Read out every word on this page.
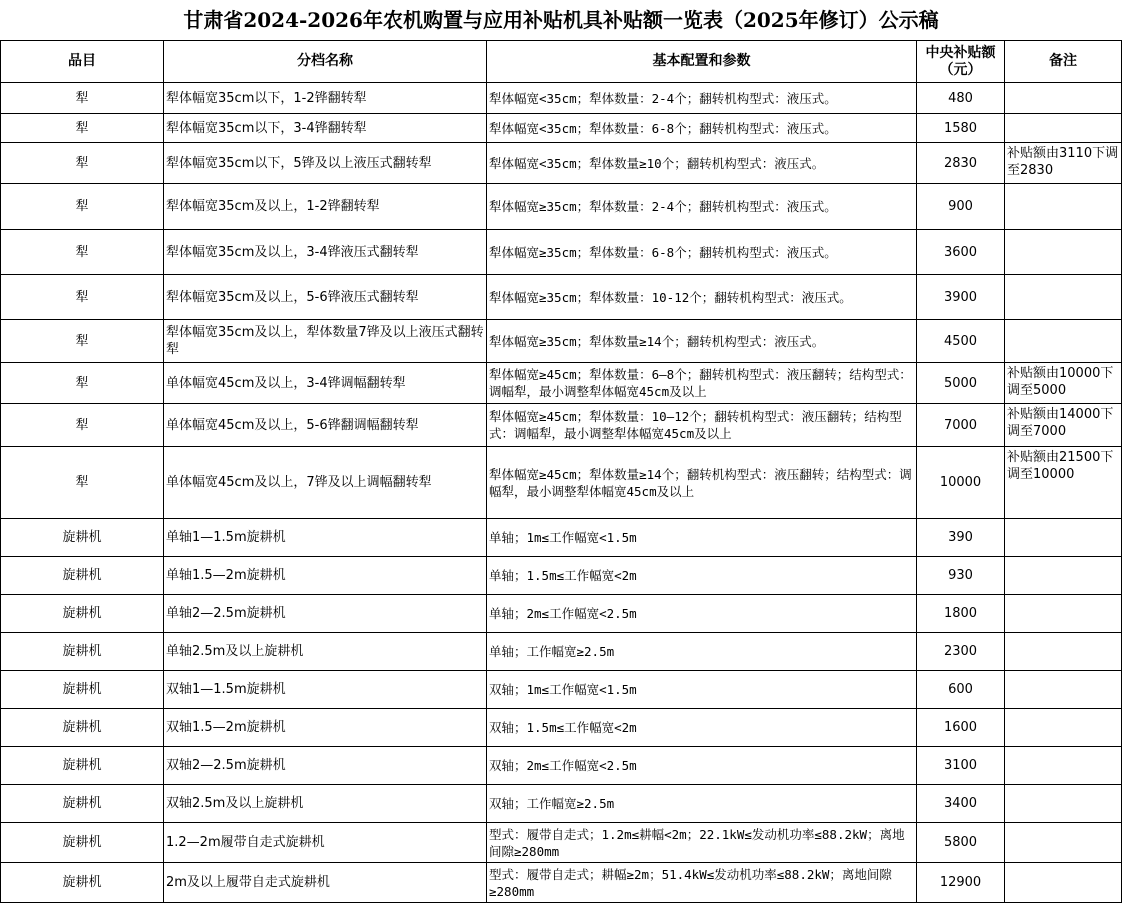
甘肃省2024-2026年农机购置与应用补贴机具补贴额一览表（2025年修订）公示稿
品目	分档名称	基本配置和参数	中央补贴额（元）	备注
犁	犁体幅宽35cm以下，1-2铧翻转犁	犁体幅宽<35cm；犁体数量：2-4个；翻转机构型式：液压式。	480	
犁	犁体幅宽35cm以下，3-4铧翻转犁	犁体幅宽<35cm；犁体数量：6-8个；翻转机构型式：液压式。	1580	
犁	犁体幅宽35cm以下，5铧及以上液压式翻转犁	犁体幅宽<35cm；犁体数量≥10个；翻转机构型式：液压式。	2830	补贴额由3110下调至2830
犁	犁体幅宽35cm及以上，1-2铧翻转犁	犁体幅宽≥35cm；犁体数量：2-4个；翻转机构型式：液压式。	900	
犁	犁体幅宽35cm及以上，3-4铧液压式翻转犁	犁体幅宽≥35cm；犁体数量：6-8个；翻转机构型式：液压式。	3600	
犁	犁体幅宽35cm及以上，5-6铧液压式翻转犁	犁体幅宽≥35cm；犁体数量：10-12个；翻转机构型式：液压式。	3900	
犁	犁体幅宽35cm及以上，犁体数量7铧及以上液压式翻转犁	犁体幅宽≥35cm；犁体数量≥14个；翻转机构型式：液压式。	4500	
犁	单体幅宽45cm及以上，3-4铧调幅翻转犁	犁体幅宽≥45cm；犁体数量：6—8个；翻转机构型式：液压翻转；结构型式：调幅犁，最小调整犁体幅宽45cm及以上	5000	补贴额由10000下调至5000
犁	单体幅宽45cm及以上，5-6铧翻调幅翻转犁	犁体幅宽≥45cm；犁体数量：10—12个；翻转机构型式：液压翻转；结构型式：调幅犁，最小调整犁体幅宽45cm及以上	7000	补贴额由14000下调至7000
犁	单体幅宽45cm及以上，7铧及以上调幅翻转犁	犁体幅宽≥45cm；犁体数量≥14个；翻转机构型式：液压翻转；结构型式：调幅犁，最小调整犁体幅宽45cm及以上	10000	补贴额由21500下调至10000
旋耕机	单轴1—1.5m旋耕机	单轴；1m≤工作幅宽<1.5m	390	
旋耕机	单轴1.5—2m旋耕机	单轴；1.5m≤工作幅宽<2m	930	
旋耕机	单轴2—2.5m旋耕机	单轴；2m≤工作幅宽<2.5m	1800	
旋耕机	单轴2.5m及以上旋耕机	单轴；工作幅宽≥2.5m	2300	
旋耕机	双轴1—1.5m旋耕机	双轴；1m≤工作幅宽<1.5m	600	
旋耕机	双轴1.5—2m旋耕机	双轴；1.5m≤工作幅宽<2m	1600	
旋耕机	双轴2—2.5m旋耕机	双轴；2m≤工作幅宽<2.5m	3100	
旋耕机	双轴2.5m及以上旋耕机	双轴；工作幅宽≥2.5m	3400	
旋耕机	1.2—2m履带自走式旋耕机	型式：履带自走式；1.2m≤耕幅<2m；22.1kW≤发动机功率≤88.2kW；离地间隙≥280mm	5800	
旋耕机	2m及以上履带自走式旋耕机	型式：履带自走式；耕幅≥2m；51.4kW≤发动机功率≤88.2kW；离地间隙≥280mm	12900	
